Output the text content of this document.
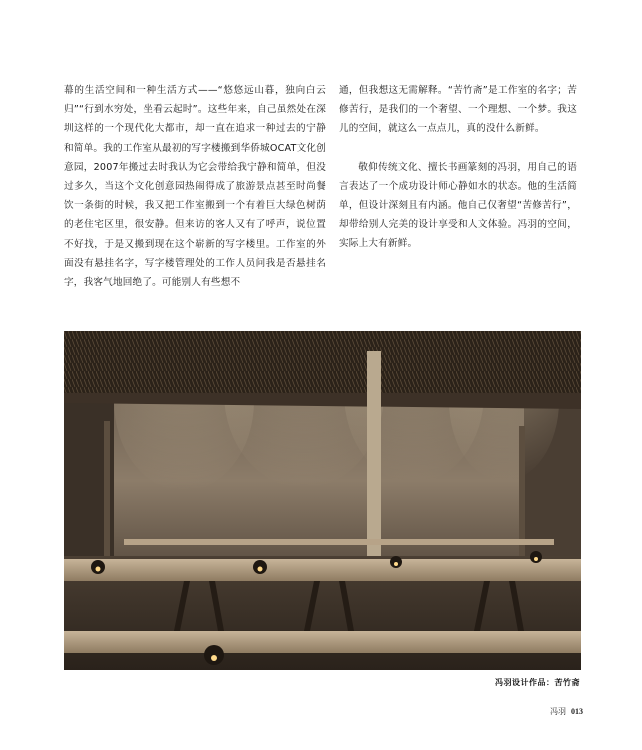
幕的生活空间和一种生活方式——“悠悠远山暮，独向白云归”“行到水穷处，坐看云起时”。这些年来，自己虽然处在深圳这样的一个现代化大都市，却一直在追求一种过去的宁静和简单。我的工作室从最初的写字楼搬到华侨城OCAT文化创意园，2007年搬过去时我认为它会带给我宁静和简单，但没过多久，当这个文化创意园热闹得成了旅游景点甚至时尚餐饮一条街的时候，我又把工作室搬到一个有着巨大绿色树荫的老住宅区里，很安静。但来访的客人又有了呼声，说位置不好找，于是又搬到现在这个崭新的写字楼里。工作室的外面没有悬挂名字，写字楼管理处的工作人员问我是否悬挂名字，我客气地回绝了。可能别人有些想不

通，但我想这无需解释。“苦竹斋”是工作室的名字；苦修苦行，是我们的一个奢望、一个理想、一个梦。我这儿的空间，就这么一点点儿，真的没什么新鲜。

敬仰传统文化、擅长书画篆刻的冯羽，用自己的语言表达了一个成功设计师心静如水的状态。他的生活简单，但设计深刻且有内涵。他自己仅奢望“苦修苦行”，却带给别人完美的设计享受和人文体验。冯羽的空间，实际上大有新鲜。

冯羽设计作品：苦竹斋
冯羽 013
